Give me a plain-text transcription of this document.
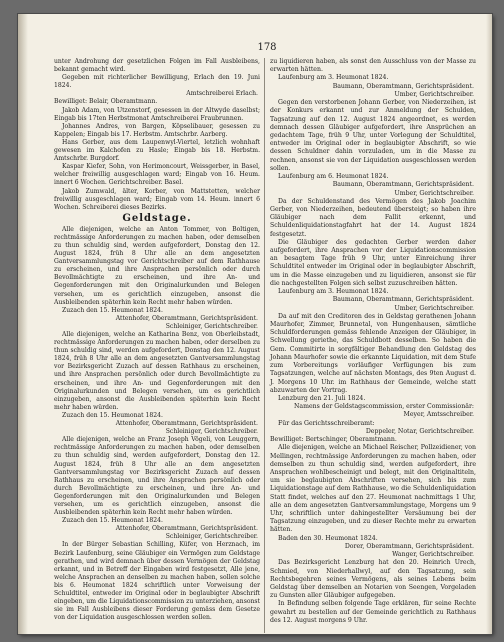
178
unter Androhung der gesetzlichen Folgen im Fall Ausbleibens, bekannt gemacht wird.
Gegeben mit richterlicher Bewilligung, Erlach den 19. Juni 1824.
Amtschreiberei Erlach.
Bewilliget: Belair, Oberamtmann.
Jakob Adam, von Utzenstorf, gesessen in der Altwyde daselbst; Eingab bis 17ten Herbstmonat Amtschreiberei Fraubrunnen.
Johannes Andres, von Bargen, Köpselibauer, gesessen zu Kappelen; Eingab bis 17. Herbstm. Amtschrbr. Aarberg.
Hans Gerber, aus dem Laupenwyl-Viertel, letzlich wohnhaft gewesen im Kalchofen zu Hasle; Eingab bis 18. Herbstm. Amtschrbr. Burgdorf.
Kaspar Kiefer, Sohn, von Herimoncourt, Weissgerber, in Basel, welcher freiwillig ausgeschlagen ward; Eingab von 16. Heum. innert 6 Wochen. Gerichtschreiber. Basel.
Jakob Zumwald, älter, Korber, von Mattstetten, welcher freiwillig ausgeschlagen ward; Eingab vom 14. Heum. innert 6 Wochen. Schreiberei dieses Bezirks.
Geldstage.
Alle diejenigen, welche an Anton Tommer, von Boltigen, rechtmässige Anforderungen zu machen haben, oder demselben zu thun schuldig sind, werden aufgefordert, Donstag den 12. August 1824, früh 8 Uhr alle an dem angesetzten Gantversammlungstag vor Gerichtschreiber auf dem Rathhause zu erscheinen, und ihre Ansprachen persönlich oder durch Bevollmächtigte zu erscheinen, und ihre An- und Gegenforderungen mit den Originalurkunden und Belegen versehen, um es gerichtlich einzugeben, ansonst die Ausbleibenden späterhin kein Recht mehr haben würden.
Zuzach den 15. Heumonat 1824.
Attenhofer, Oberamtmann, Gerichtspräsident.
Schleiniger, Gerichtschreiber.
Alle diejenigen, welche an Katharina Benz, von Oberleibstadt, rechtmässige Anforderungen zu machen haben, oder derselben zu thun schuldig sind, werden aufgefordert, Donstag den 12. August 1824, früh 8 Uhr alle an dem angesetzten Gantversammlungstag vor Bezirksgericht Zuzach auf dessen Rathhaus zu erscheinen, und ihre Ansprachen persönlich oder durch Bevollmächtigte zu erscheinen, und ihre An- und Gegenforderungen mit den Originalurkunden und Belegen versehen, um es gerichtlich einzugeben, ansonst die Ausbleibenden späterhin kein Recht mehr haben würden.
Zuzach den 15. Heumonat 1824.
Attenhofer, Oberamtmann, Gerichtspräsident.
Schleiniger, Gerichtschreiber.
Alle diejenigen, welche an Franz Joseph Vögeli, von Leuggern, rechtmässige Anforderungen zu machen haben, oder demselben zu thun schuldig sind, werden aufgefordert, Donstag den 12. August 1824, früh 8 Uhr alle an dem angesetzten Gantversammlungstag vor Bezirksgericht Zuzach auf dessen Rathhaus zu erscheinen, und ihre Ansprachen persönlich oder durch Bevollmächtigte zu erscheinen, und ihre An- und Gegenforderungen mit den Originalurkunden und Belegen versehen, um es gerichtlich einzugeben, ansonst die Ausbleibenden späterhin kein Recht mehr haben würden.
Zuzach den 15. Heumonat 1824.
Attenhofer, Oberamtmann, Gerichtspräsident.
Schleiniger, Gerichtschreiber.
In der Bürger Sebastian Schilling, Küfer, von Herznach, im Bezirk Laufenburg, seine Gläubiger ein Vermögen zum Geldstage gerathen, und wird demnach über dessen Vermögen der Geldstag erkannt, und in Betreff der Eingaben wird festgesetzt, Alle jene, welche Ansprachen an denselben zu machen haben, sollen solche bis 6. Heumonat 1824 schriftlich unter Vorweisung der Schuldtitel, entweder im Original oder in beglaubigter Abschrift eingeben, um die Liquidationscommission zu unterziehen, ansonst sie im Fall Ausbleibens dieser Forderung gemäss dem Gesetze von der Liquidation ausgeschlossen werden sollen.
zu liquidieren haben, als sonst den Ausschluss von der Masse zu erwarten hätten.
Laufenburg am 3. Heumonat 1824.
Baumann, Oberamtmann, Gerichtspräsident.
Umber, Gerichtschreiber.
Gegen den verstorbenen Johann Gerber, von Niederzeihen, ist der Konkurs erkannt und zur Anmeldung der Schulden, Tagsatzung auf den 12. August 1824 angeordnet, es werden demnach dessen Gläubiger aufgefordert, ihre Ansprüchen an gedachtem Tage, früh 9 Uhr, unter Vorlegung der Schuldtitel, entweder im Original oder in beglaubigter Abschrift, so wie dessen Schuldner dahin vorzuladen, um in die Masse zu rechnen, ansonst sie von der Liquidation ausgeschlossen werden sollen.
Laufenburg am 6. Heumonat 1824.
Baumann, Oberamtmann, Gerichtspräsident.
Umber, Gerichtschreiber.
Da der Schuldenstand des Vermögen des Jakob Joachim Gerber, von Niederzeihen, bedeutend übersteigt; so haben ihre Gläubiger nach dem Fallit erkennt, und Schuldenliquidationstagfahrt hat der 14. August 1824 festgesetzt.
Die Gläubiger des gedachten Gerber werden daher aufgefordert, ihre Ansprachen vor der Liquidationscommission an besagtem Tage früh 9 Uhr, unter Einreichung ihrer Schuldtitel entweder im Original oder in beglaubigter Abschrift, um in die Masse einzugeben und zu liquidieren, ansonst sie für die nachgestellten Folgen sich selbst zuzuschreiben hätten.
Laufenburg am 3. Heumonat 1824.
Baumann, Oberamtmann, Gerichtspräsident.
Umber, Gerichtschreiber.
Da auf mit den Creditoren des in Geldstag gerathenen Johann Maurhofer, Zimmer, Brunnetal, von Hungenhausen, sämtliche Schuldforderungen gemäss fehlende Anzeigen der Gläubiger, in Schwellung geriethe, das Schuldbott desselben. So haben die Gem. Commitirte in sorgfältiger Behandlung den Geldstag des Johann Maurhofer sowie die erkannte Liquidation, mit dem Stufe zum Vorbereitungs vorläufiger Verfügungen bis zum Tagsatzungen, welche auf nächsten Montags, des 9ten August d. J. Morgens 10 Uhr. im Rathhaus der Gemeinde, welche statt abzuwarten der Vortrag.
Lenzburg den 21. Juli 1824.
Namens der Geldstagscommission, erster Commissionär:
Meyer, Amtsschreiber.
Für das Gerichtsschreiberamt:
Deppeler, Notar, Gerichtschreiber.
Bewilliget: Bertschinger, Oberamtmann.
Alle diejenigen, welche an Michael Reischer, Pollzeidiener, von Mellingen, rechtmässige Anforderungen zu machen haben, oder demselben zu thun schuldig sind, werden aufgefordert, ihre Ansprachen wohlbescheinigt und belegt, mit den Originaltiteln, um sie beglaubigten Abschriften versehen, sich bis zum Liquidationstage auf dem Rathhause, wo die Schuldenliquidation Statt findet, welches auf den 27. Heumonat nachmittags 1 Uhr, alle an dem angesetzten Gantversammlungstage, Morgens um 9 Uhr, schriftlich unter dahingestellter Versäumung bei der Tagsatzung einzugeben, und zu dieser Rechte mehr zu erwarten hätten.
Baden den 30. Heumonat 1824.
Dorer, Oberamtmann, Gerichtspräsident.
Wanger, Gerichtschreiber.
Das Bezirksgericht Lenzburg hat den 20. Heinrich Urech, Schmied, von Niederhallwyl, auf den Tagsatzung, sein Rechtsbegehren seines Vermögens, als seines Lebens beim Geldstag über demselben an Notarien von Seengen, Vorgeladen zu Gunsten aller Gläubiger aufgegeben.
In Befindung selben folgende Tage erklären, für seine Rechte gewahrt zu bestellen auf der Gemeinde gerichtlich zu Rathhaus des 12. August morgens 9 Uhr.
